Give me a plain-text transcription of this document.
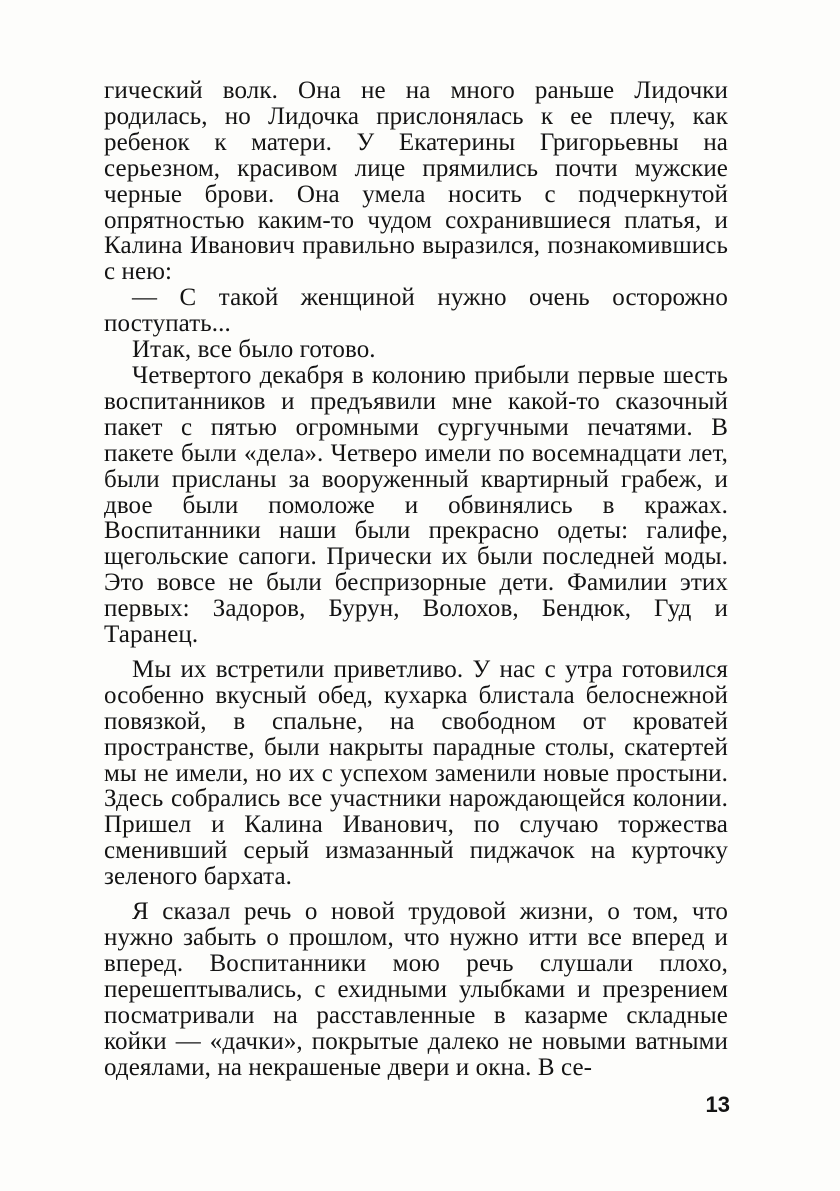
гический волк. Она не на много раньше Лидочки родилась, но Лидочка прислонялась к ее плечу, как ребенок к матери. У Екатерины Григорьевны на серьезном, красивом лице прямились почти мужские черные брови. Она умела носить с подчеркнутой опрятностью каким-то чудом сохранившиеся платья, и Калина Иванович правильно выразился, познакомившись с нею:

— С такой женщиной нужно очень осторожно поступать...

Итак, все было готово.

Четвертого декабря в колонию прибыли первые шесть воспитанников и предъявили мне какой-то сказочный пакет с пятью огромными сургучными печатями. В пакете были «дела». Четверо имели по восемнадцати лет, были присланы за вооруженный квартирный грабеж, и двое были помоложе и обвинялись в кражах. Воспитанники наши были прекрасно одеты: галифе, щегольские сапоги. Прически их были последней моды. Это вовсе не были беспризорные дети. Фамилии этих первых: Задоров, Бурун, Волохов, Бендюк, Гуд и Таранец.

Мы их встретили приветливо. У нас с утра готовился особенно вкусный обед, кухарка блистала белоснежной повязкой, в спальне, на свободном от кроватей пространстве, были накрыты парадные столы, скатертей мы не имели, но их с успехом заменили новые простыни. Здесь собрались все участники нарождающейся колонии. Пришел и Калина Иванович, по случаю торжества сменивший серый измазанный пиджачок на курточку зеленого бархата.

Я сказал речь о новой трудовой жизни, о том, что нужно забыть о прошлом, что нужно итти все вперед и вперед. Воспитанники мою речь слушали плохо, перешептывались, с ехидными улыбками и презрением посматривали на расставленные в казарме складные койки — «дачки», покрытые далеко не новыми ватными одеялами, на некрашеные двери и окна. В се-

13
